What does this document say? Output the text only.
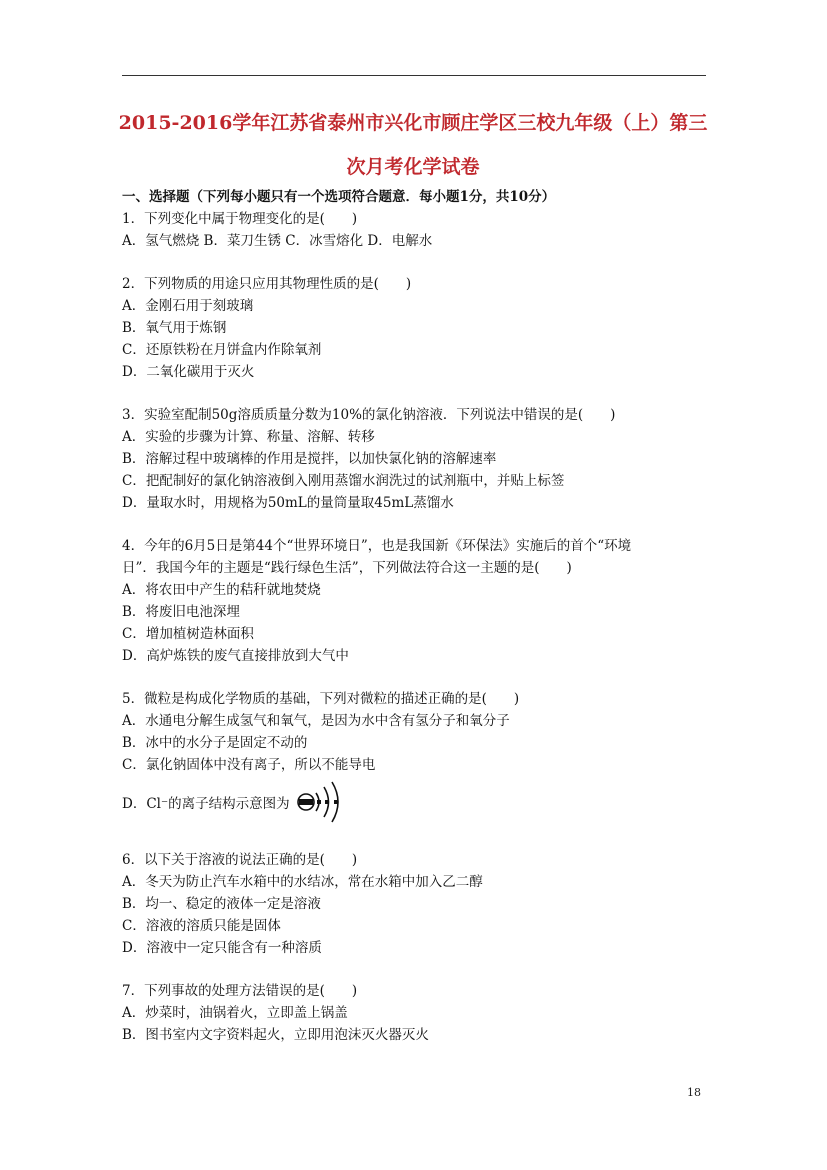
2015-2016学年江苏省泰州市兴化市顾庄学区三校九年级（上）第三
次月考化学试卷
一、选择题（下列每小题只有一个选项符合题意．每小题1分，共10分）
1．下列变化中属于物理变化的是(　　)
A．氢气燃烧 B．菜刀生锈 C．冰雪熔化 D．电解水
2．下列物质的用途只应用其物理性质的是(　　)
A．金刚石用于刻玻璃
B．氧气用于炼钢
C．还原铁粉在月饼盒内作除氧剂
D．二氧化碳用于灭火
3．实验室配制50g溶质质量分数为10%的氯化钠溶液．下列说法中错误的是(　　)
A．实验的步骤为计算、称量、溶解、转移
B．溶解过程中玻璃棒的作用是搅拌，以加快氯化钠的溶解速率
C．把配制好的氯化钠溶液倒入刚用蒸馏水润洗过的试剂瓶中，并贴上标签
D．量取水时，用规格为50mL的量筒量取45mL蒸馏水
4．今年的6月5日是第44个“世界环境日”，也是我国新《环保法》实施后的首个“环境
日”．我国今年的主题是“践行绿色生活”，下列做法符合这一主题的是(　　)
A．将农田中产生的秸秆就地焚烧
B．将废旧电池深埋
C．增加植树造林面积
D．高炉炼铁的废气直接排放到大气中
5．微粒是构成化学物质的基础，下列对微粒的描述正确的是(　　)
A．水通电分解生成氢气和氧气，是因为水中含有氢分子和氧分子
B．冰中的水分子是固定不动的
C．氯化钠固体中没有离子，所以不能导电
D．Cl⁻的离子结构示意图为
6．以下关于溶液的说法正确的是(　　)
A．冬天为防止汽车水箱中的水结冰，常在水箱中加入乙二醇
B．均一、稳定的液体一定是溶液
C．溶液的溶质只能是固体
D．溶液中一定只能含有一种溶质
7．下列事故的处理方法错误的是(　　)
A．炒菜时，油锅着火，立即盖上锅盖
B．图书室内文字资料起火，立即用泡沫灭火器灭火
18
